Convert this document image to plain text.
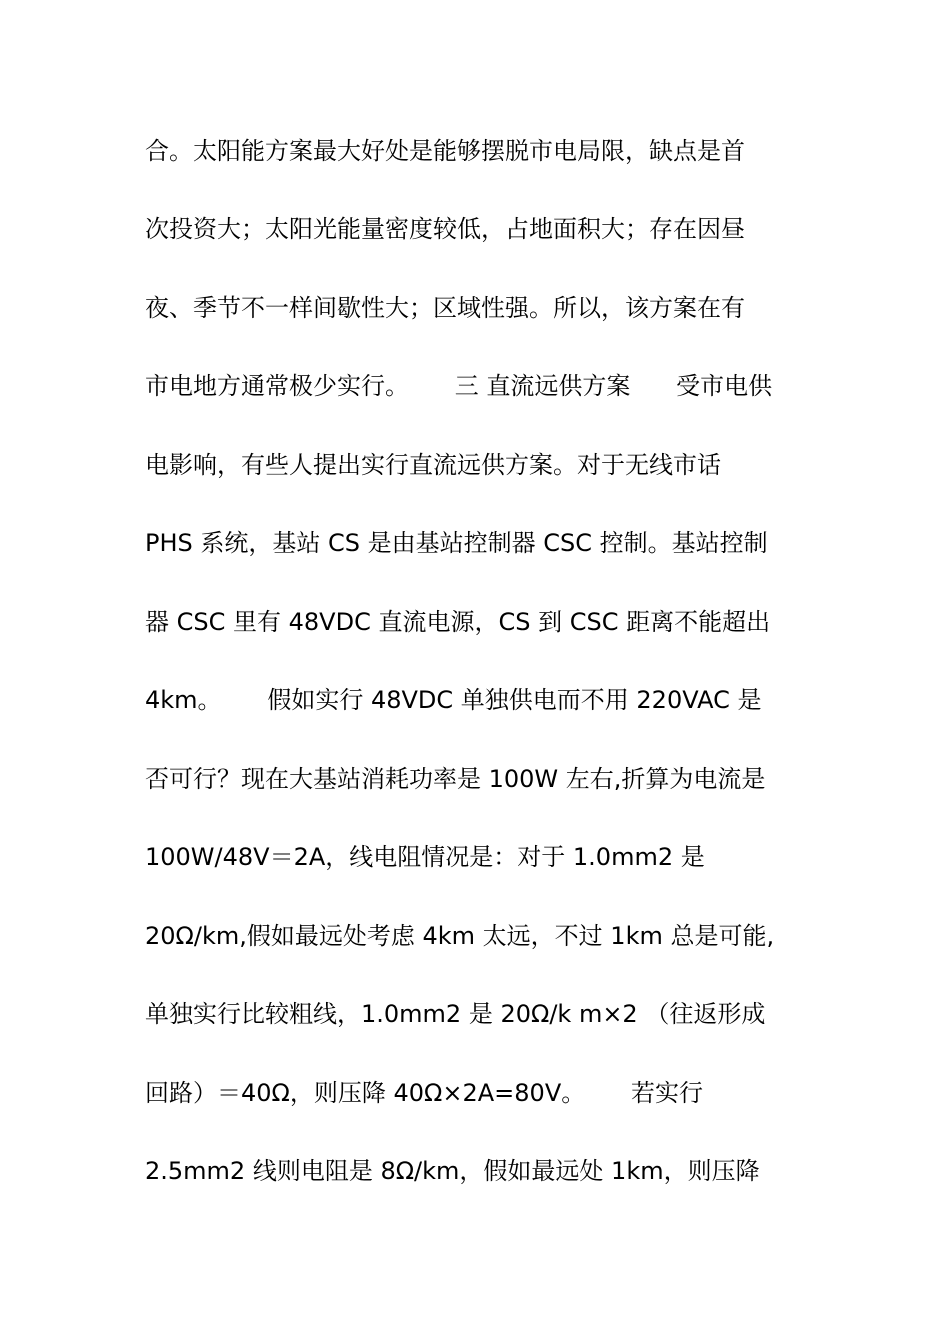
合。太阳能方案最大好处是能够摆脱市电局限，缺点是首
次投资大；太阳光能量密度较低，占地面积大；存在因昼
夜、季节不一样间歇性大；区域性强。所以，该方案在有
市电地方通常极少实行。      三 直流远供方案      受市电供
电影响，有些人提出实行直流远供方案。对于无线市话
PHS 系统，基站 CS 是由基站控制器 CSC 控制。基站控制
器 CSC 里有 48VDC 直流电源，CS 到 CSC 距离不能超出
4km。      假如实行 48VDC 单独供电而不用 220VAC 是
否可行？现在大基站消耗功率是 100W 左右,折算为电流是
100W/48V＝2A，线电阻情况是：对于 1.0mm2 是
20Ω/km,假如最远处考虑 4km 太远，不过 1km 总是可能,
单独实行比较粗线，1.0mm2 是 20Ω/k m×2 （往返形成
回路）＝40Ω，则压降 40Ω×2A=80V。      若实行
2.5mm2 线则电阻是 8Ω/km，假如最远处 1km，则压降
